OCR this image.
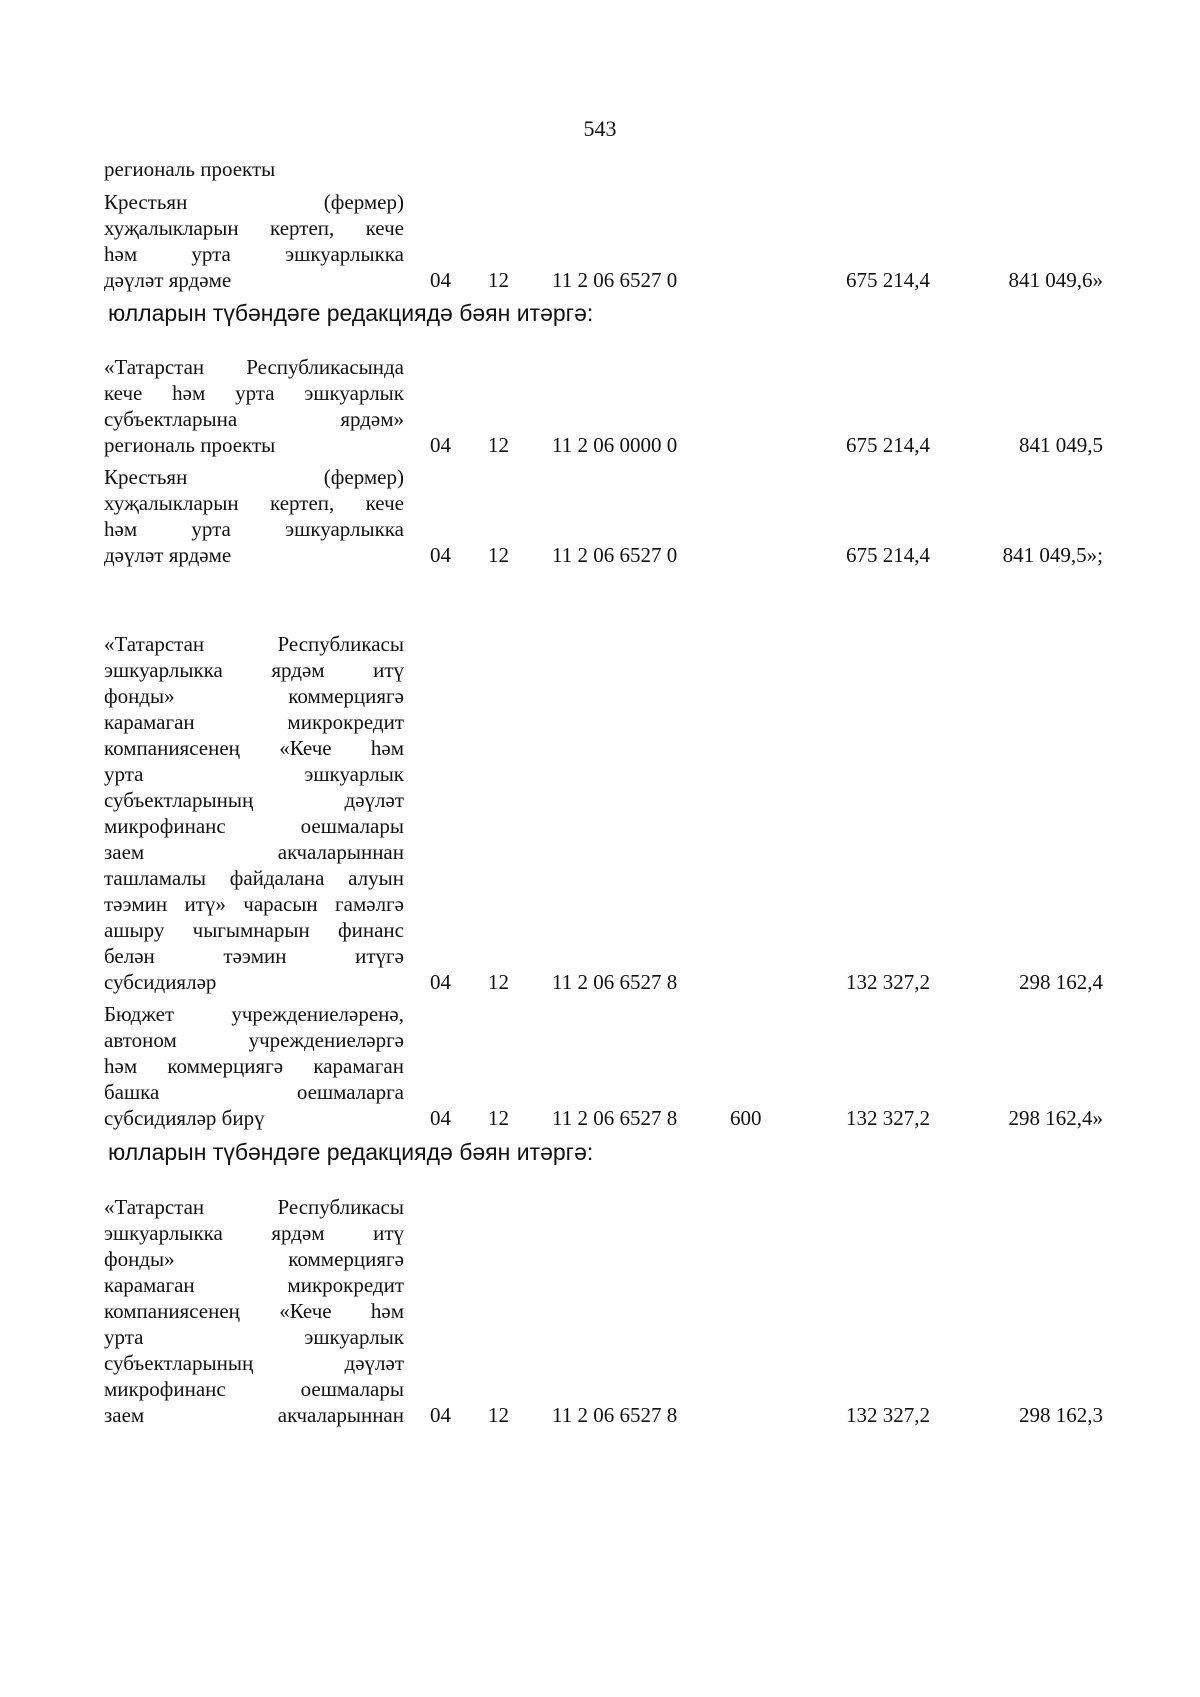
543
региональ проекты
Крестьян (фермер)
хуҗалыкларын кертеп, кече
һәм урта эшкуарлыкка
дәүләт ярдәме	04 12 11 2 06 6527 0	675 214,4	841 049,6»
юлларын түбәндәге редакциядә бәян итәргә:
«Татарстан Республикасында
кече һәм урта эшкуарлык
субъектларына ярдәм»
региональ проекты	04 12 11 2 06 0000 0	675 214,4	841 049,5
Крестьян (фермер)
хуҗалыкларын кертеп, кече
һәм урта эшкуарлыкка
дәүләт ярдәме	04 12 11 2 06 6527 0	675 214,4	841 049,5»;
«Татарстан Республикасы
эшкуарлыкка ярдәм итү
фонды» коммерциягә
карамаган микрокредит
компаниясенең «Кече һәм
урта эшкуарлык
субъектларының дәүләт
микрофинанс оешмалары
заем акчаларыннан
ташламалы файдалана алуын
тәэмин итү» чарасын гамәлгә
ашыру чыгымнарын финанс
белән тәэмин итүгә
субсидияләр	04 12 11 2 06 6527 8	132 327,2	298 162,4
Бюджет учреждениеләренә,
автоном учреждениеләргә
һәм коммерциягә карамаган
башка оешмаларга
субсидияләр бирү	04 12 11 2 06 6527 8	600	132 327,2	298 162,4»
юлларын түбәндәге редакциядә бәян итәргә:
«Татарстан Республикасы
эшкуарлыкка ярдәм итү
фонды» коммерциягә
карамаган микрокредит
компаниясенең «Кече һәм
урта эшкуарлык
субъектларының дәүләт
микрофинанс оешмалары
заем акчаларыннан 04 12 11 2 06 6527 8	132 327,2	298 162,3
